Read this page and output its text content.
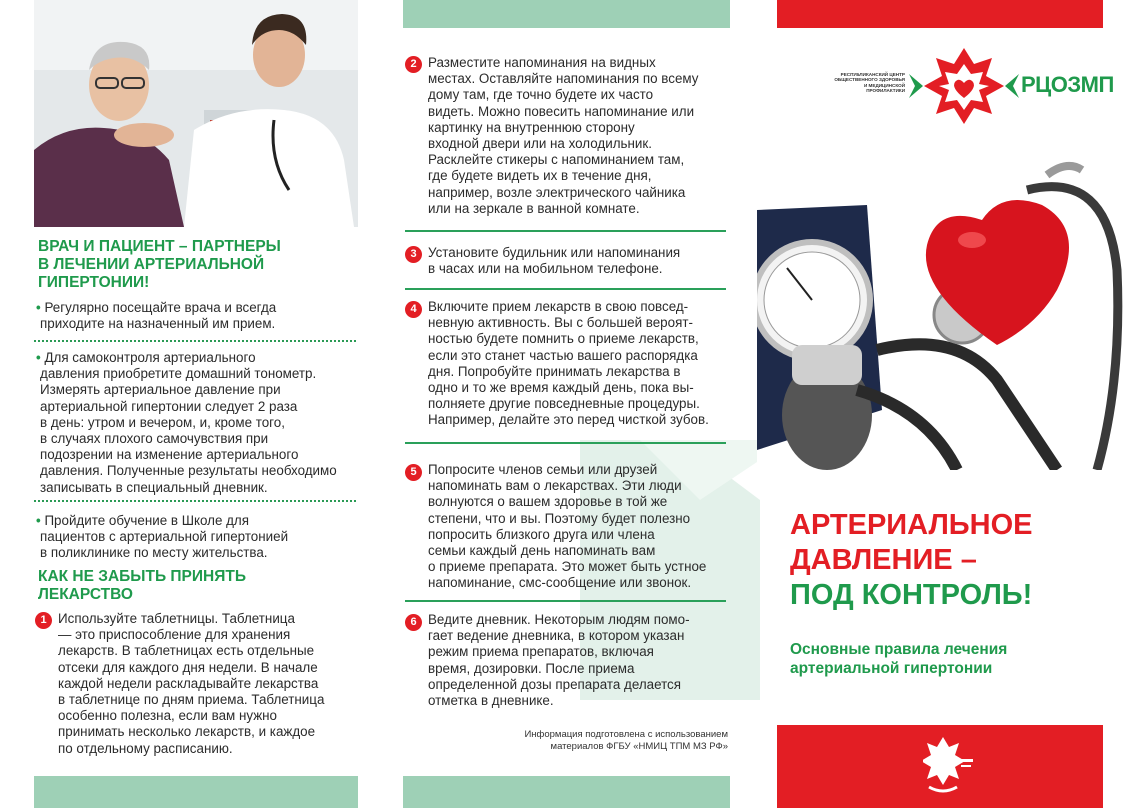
ВРАЧ И ПАЦИЕНТ – ПАРТНЕРЫ
В ЛЕЧЕНИИ АРТЕРИАЛЬНОЙ
ГИПЕРТОНИИ!
• Регулярно посещайте врача и всегда
приходите на назначенный им прием.
• Для самоконтроля артериального
давления приобретите домашний тонометр.
Измерять артериальное давление при
артериальной гипертонии следует 2 раза
в день: утром и вечером, и, кроме того,
в случаях плохого самочувствия при
подозрении на изменение артериального
давления. Полученные результаты необходимо
записывать в специальный дневник.
• Пройдите обучение в Школе для
пациентов с артериальной гипертонией
в поликлинике по месту жительства.
КАК НЕ ЗАБЫТЬ ПРИНЯТЬ
ЛЕКАРСТВО
1 Используйте таблетницы. Таблетница
— это приспособление для хранения
лекарств. В таблетницах есть отдельные
отсеки для каждого дня недели. В начале
каждой недели раскладывайте лекарства
в таблетнице по дням приема. Таблетница
особенно полезна, если вам нужно
принимать несколько лекарств, и каждое
по отдельному расписанию.
2 Разместите напоминания на видных
местах. Оставляйте напоминания по всему
дому там, где точно будете их часто
видеть. Можно повесить напоминание или
картинку на внутреннюю сторону
входной двери или на холодильник.
Расклейте стикеры с напоминанием там,
где будете видеть их в течение дня,
например, возле электрического чайника
или на зеркале в ванной комнате.
3 Установите будильник или напоминания
в часах или на мобильном телефоне.
4 Включите прием лекарств в свою повсед-
невную активность. Вы с большей вероят-
ностью будете помнить о приеме лекарств,
если это станет частью вашего распорядка
дня. Попробуйте принимать лекарства в
одно и то же время каждый день, пока вы-
полняете другие повседневные процедуры.
Например, делайте это перед чисткой зубов.
5 Попросите членов семьи или друзей
напоминать вам о лекарствах. Эти люди
волнуются о вашем здоровье в той же
степени, что и вы. Поэтому будет полезно
попросить близкого друга или члена
семьи каждый день напоминать вам
о приеме препарата. Это может быть устное
напоминание, смс-сообщение или звонок.
6 Ведите дневник. Некоторым людям помо-
гает ведение дневника, в котором указан
режим приема препаратов, включая
время, дозировки. После приема
определенной дозы препарата делается
отметка в дневнике.
Информация подготовлена с использованием
материалов ФГБУ «НМИЦ ТПМ МЗ РФ»
РЕСПУБЛИКАНСКИЙ ЦЕНТР
ОБЩЕСТВЕННОГО ЗДОРОВЬЯ
И МЕДИЦИНСКОЙ
ПРОФИЛАКТИКИ	РЦОЗМП
АРТЕРИАЛЬНОЕ
ДАВЛЕНИЕ –
ПОД КОНТРОЛЬ!
Основные правила лечения
артериальной гипертонии
